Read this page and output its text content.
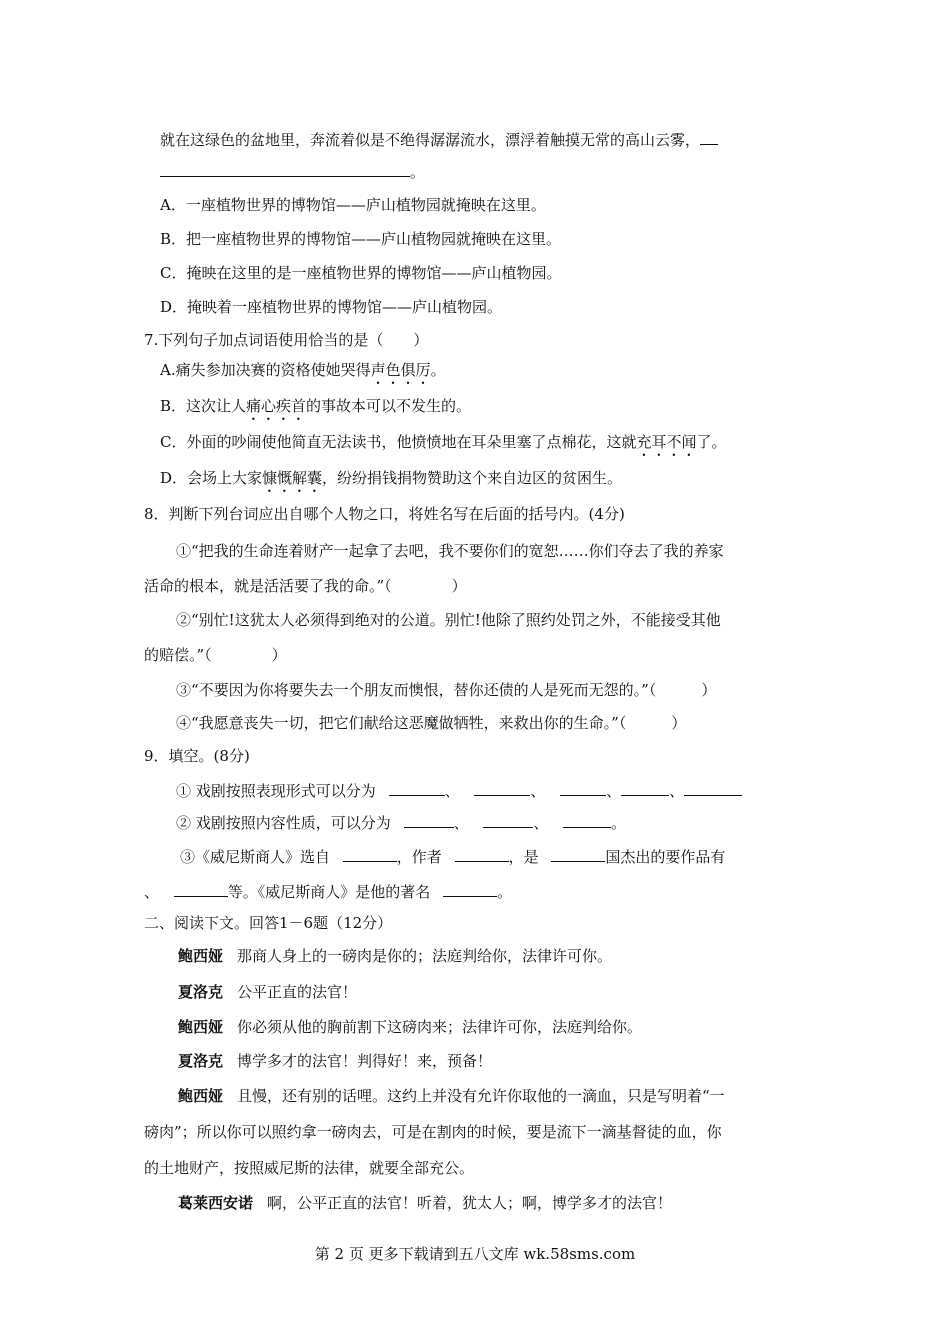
就在这绿色的盆地里，奔流着似是不绝得潺潺流水，漂浮着触摸无常的高山云雾，
。
A．一座植物世界的博物馆——庐山植物园就掩映在这里。
B．把一座植物世界的博物馆——庐山植物园就掩映在这里。
C．掩映在这里的是一座植物世界的博物馆——庐山植物园。
D．掩映着一座植物世界的博物馆——庐山植物园。
7.下列句子加点词语使用恰当的是（　　）
A.痛失参加决赛的资格使她哭得声色俱厉。
B．这次让人痛心疾首的事故本可以不发生的。
C．外面的吵闹使他简直无法读书，他愤愤地在耳朵里塞了点棉花，这就充耳不闻了。
D．会场上大家慷慨解囊，纷纷捐钱捐物赞助这个来自边区的贫困生。
8．判断下列台词应出自哪个人物之口，将姓名写在后面的括号内。(4分)
①“把我的生命连着财产一起拿了去吧，我不要你们的宽恕……你们夺去了我的养家
活命的根本，就是活活要了我的命。”（　　　　）
②“别忙!这犹太人必须得到绝对的公道。别忙!他除了照约处罚之外，不能接受其他
的赔偿。”（　　　　）
③“不要因为你将要失去一个朋友而懊恨，替你还债的人是死而无怨的。”（　　　）
④“我愿意丧失一切，把它们献给这恶魔做牺牲，来救出你的生命。”（　　　）
9．填空。(8分)
① 戏剧按照表现形式可以分为	、	、	、	、
② 戏剧按照内容性质，可以分为	、	、	。
③《威尼斯商人》选自	，作者	，是	国杰出的要作品有
、	等。《威尼斯商人》是他的著名	。
二、阅读下文。回答1－6题（12分）
鲍西娅 那商人身上的一磅肉是你的；法庭判给你，法律许可你。
夏洛克 公平正直的法官！
鲍西娅 你必须从他的胸前割下这磅肉来；法律许可你，法庭判给你。
夏洛克 博学多才的法官！判得好！来，预备！
鲍西娅 且慢，还有别的话哩。这约上并没有允许你取他的一滴血，只是写明着“一
磅肉”；所以你可以照约拿一磅肉去，可是在割肉的时候，要是流下一滴基督徒的血，你
的土地财产，按照威尼斯的法律，就要全部充公。
葛莱西安诺 啊，公平正直的法官！听着，犹太人；啊，博学多才的法官！
第 2 页 更多下载请到五八文库 wk.58sms.com
